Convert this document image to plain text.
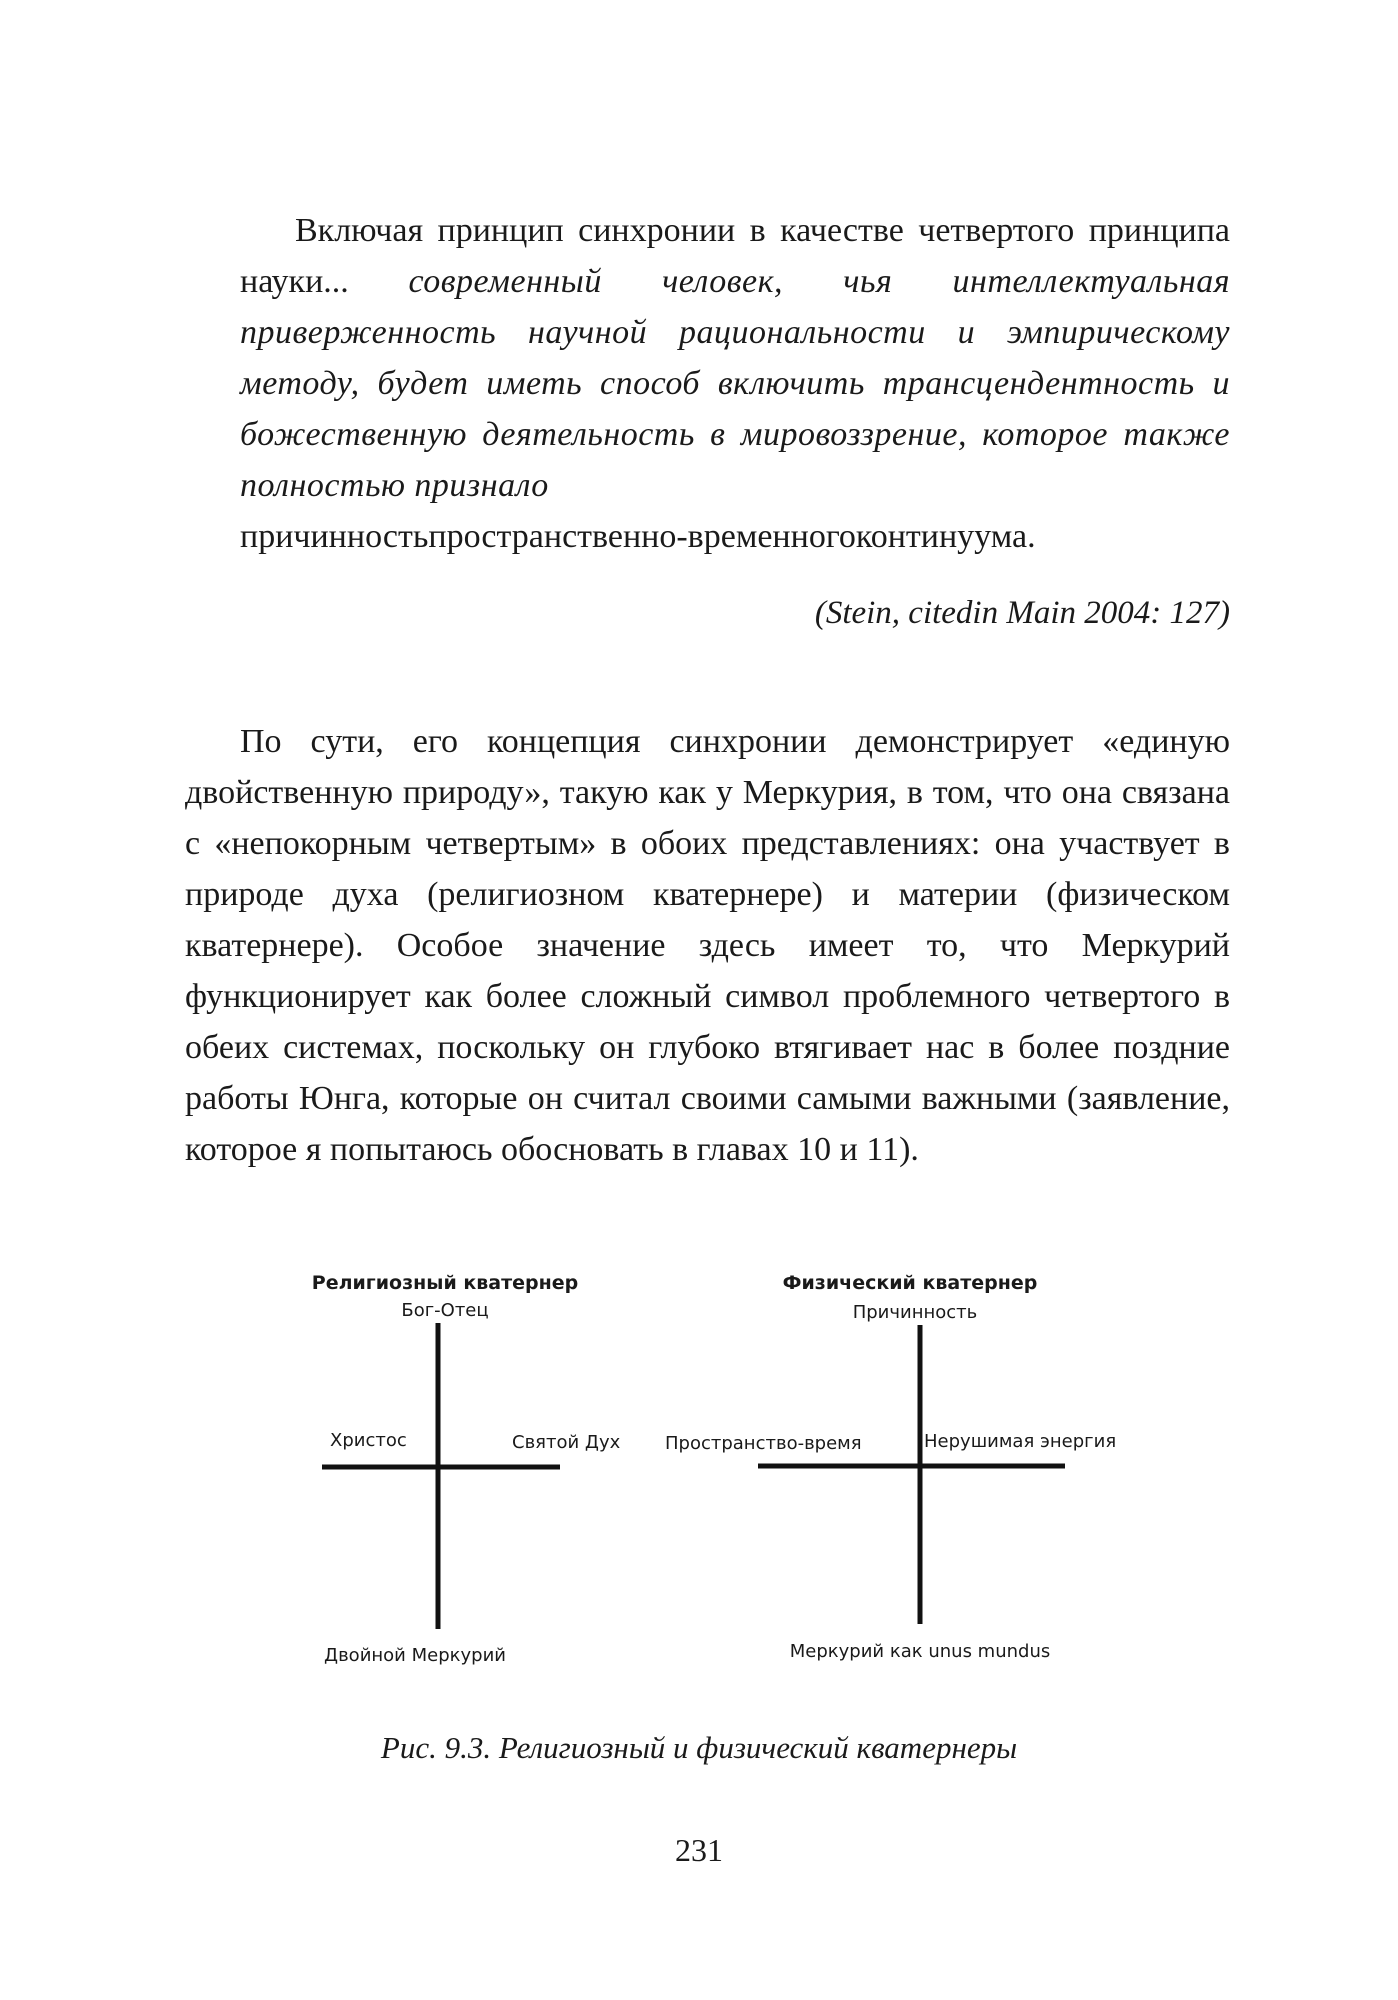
Включая принцип синхронии в качестве четвертого принципа науки... современный человек, чья интеллектуальная приверженность научной рациональности и эмпирическому методу, будет иметь способ включить трансцендентность и божественную деятельность в мировоззрение, которое также полностью признало
причинностьпространственно-временногоконтинуума.
(Stein, citedin Main 2004: 127)
По сути, его концепция синхронии демонстрирует «единую двойственную природу», такую как у Меркурия, в том, что она связана с «непокорным четвертым» в обоих представлениях: она участвует в природе духа (религиозном кватернере) и материи (физическом кватернере). Особое значение здесь имеет то, что Меркурий функционирует как более сложный символ проблемного четвертого в обеих системах, поскольку он глубоко втягивает нас в более поздние работы Юнга, которые он считал своими самыми важными (заявление, которое я попытаюсь обосновать в главах 10 и 11).
Религиозный кватернер
Бог-Отец
Христос	Святой Дух
Двойной Меркурий
Физический кватернер
Причинность
Пространство-время	Нерушимая энергия
Меркурий как unus mundus
Рис. 9.3. Религиозный и физический кватернеры
231
